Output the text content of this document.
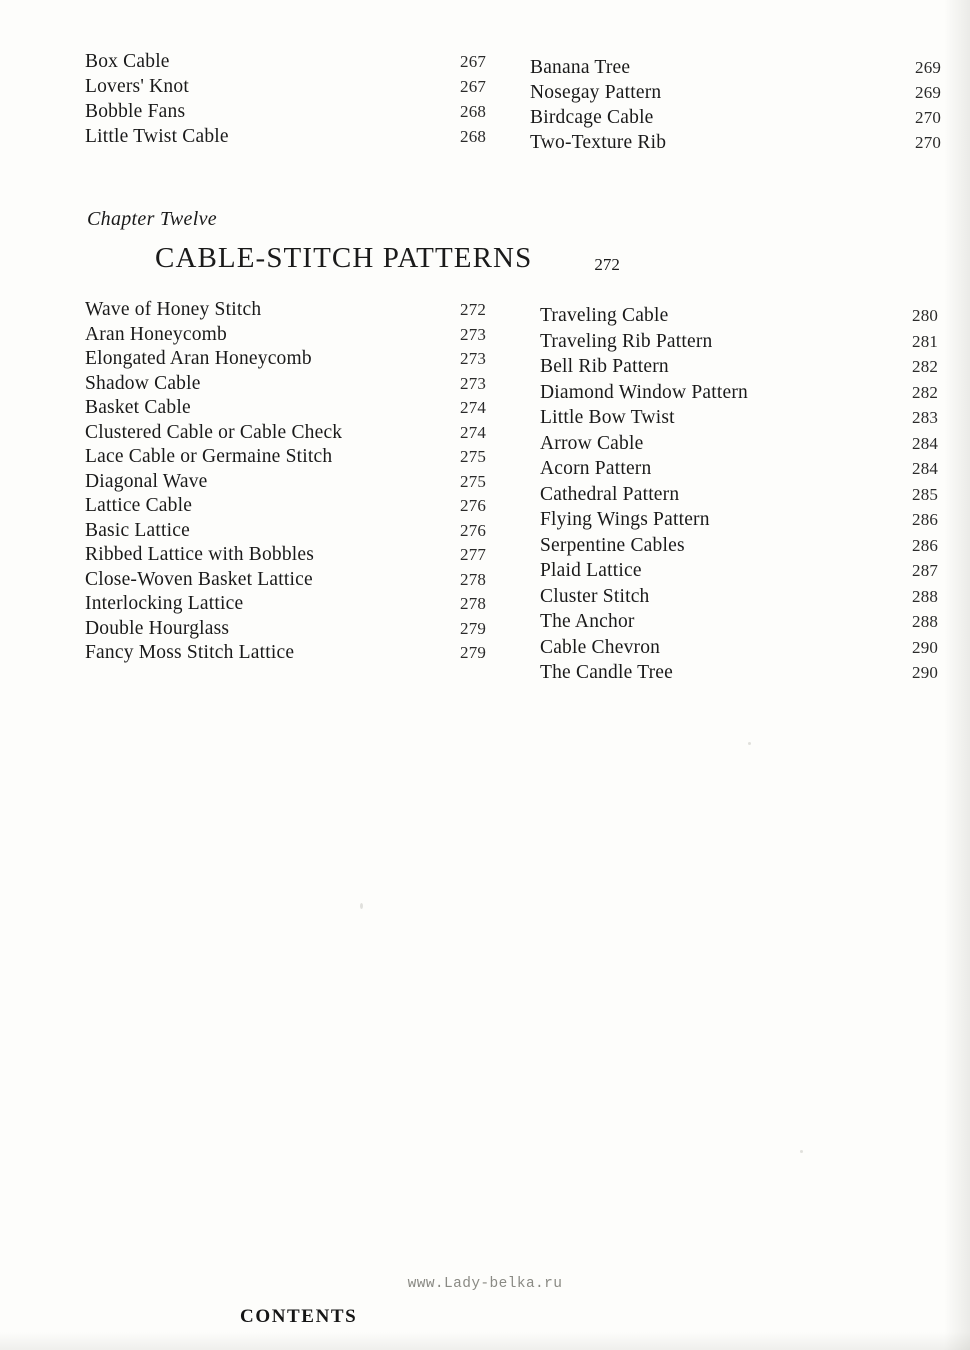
Box Cable	267
Lovers' Knot	267
Bobble Fans	268
Little Twist Cable	268
Banana Tree	269
Nosegay Pattern	269
Birdcage Cable	270
Two-Texture Rib	270
Chapter Twelve
CABLE-STITCH PATTERNS	272
Wave of Honey Stitch	272
Aran Honeycomb	273
Elongated Aran Honeycomb	273
Shadow Cable	273
Basket Cable	274
Clustered Cable or Cable Check	274
Lace Cable or Germaine Stitch	275
Diagonal Wave	275
Lattice Cable	276
Basic Lattice	276
Ribbed Lattice with Bobbles	277
Close-Woven Basket Lattice	278
Interlocking Lattice	278
Double Hourglass	279
Fancy Moss Stitch Lattice	279
Traveling Cable	280
Traveling Rib Pattern	281
Bell Rib Pattern	282
Diamond Window Pattern	282
Little Bow Twist	283
Arrow Cable	284
Acorn Pattern	284
Cathedral Pattern	285
Flying Wings Pattern	286
Serpentine Cables	286
Plaid Lattice	287
Cluster Stitch	288
The Anchor	288
Cable Chevron	290
The Candle Tree	290
www.Lady-belka.ru
CONTENTS
